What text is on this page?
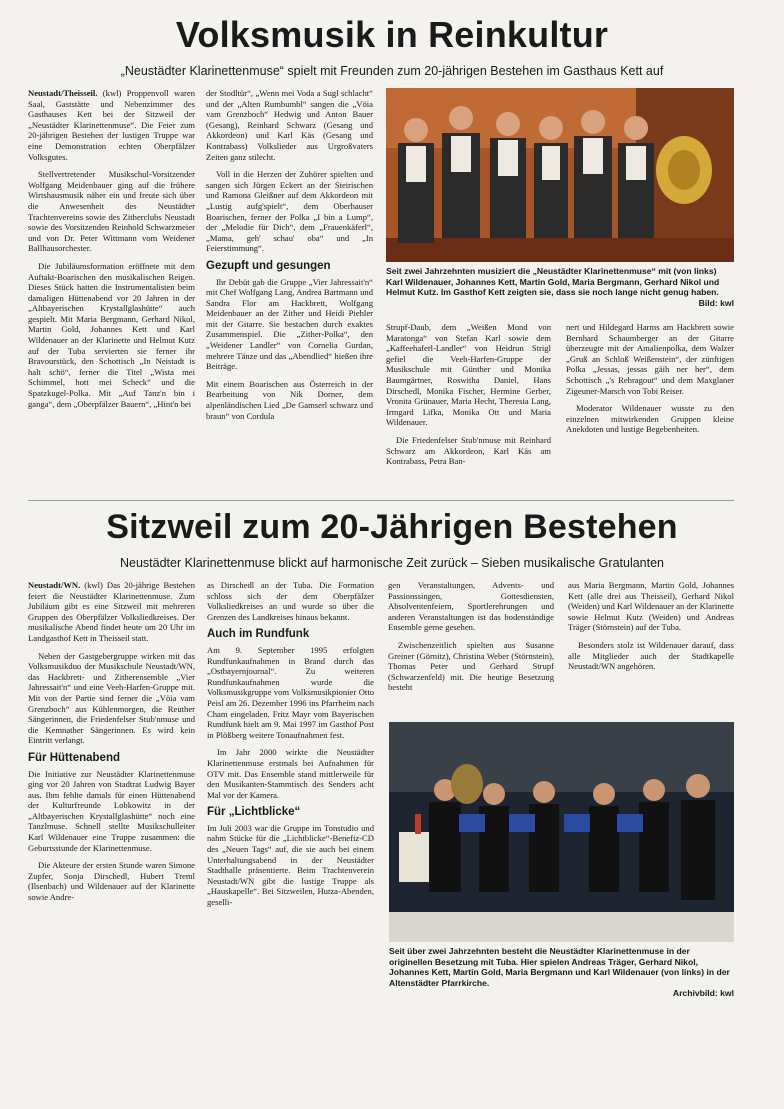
Volksmusik in Reinkultur
„Neustädter Klarinettenmuse“ spielt mit Freunden zum 20-jährigen Bestehen im Gasthaus Kett auf

Neustadt/Theisseil. (kwl) Proppenvoll waren Saal, Gaststätte und Nebenzimmer des Gasthauses Kett bei der Sitzweil der „Neustädter Klarinettenmuse“. Die Feier zum 20-jährigen Bestehen der lustigen Truppe war eine Demonstration echten Oberpfälzer Volksgutes.

Stellvertretender Musikschul-Vorsitzender Wolfgang Meidenbauer ging auf die frühere Wirtshausmusik näher ein und freute sich über die Anwesenheit des Neustädter Trachtenvereins sowie des Zitherclubs Neustadt sowie des Vorsitzenden Reinhold Schwarzmeier und von Dr. Peter Wittmann vom Weidener Ballhausorchester.

Die Jubiläumsformation eröffnete mit dem Auftakt-Boarischen den musikalischen Reigen. Dieses Stück hatten die Instrumentalisten beim damaligen Hüttenabend vor 20 Jahren in der „Altbayerischen Krystallglashütte“ auch gespielt. Mit Maria Bergmann, Gerhard Nikol, Martin Gold, Johannes Kett und Karl Wildenauer an der Klarinette und Helmut Kutz auf der Tuba servierten sie ferner ihr Bravourstück, den Schottisch „In Neistadt is halt schö“, ferner die Titel „Wista mei Schimmel, hott mei Scheck“ und die Spatzkugel-Polka. Mit „Auf Tanz'n bin i ganga“, dem „Oberpfälzer Bauern“, „Hint'n bei

der Stodltür“, „Wenn mei Voda a Sugl schlacht“ und der „Alten Rumbumbl“ sangen die „Vöia vam Grenzboch“ Hedwig und Anton Bauer (Gesang), Reinhard Schwarz (Gesang und Akkordeon) und Karl Käs (Gesang und Kontrabass) Volkslieder aus Urgroßvaters Zeiten ganz stilecht.

Voll in die Herzen der Zuhörer spielten und sangen sich Jürgen Eckert an der Steirischen und Ramona Gleißner auf dem Akkordeon mit „Lustig aufg'spielt“, dem Oberhauser Boarischen, ferner der Polka „I bin a Lump“, der „Melodie für Dich“, dem „Frauenkäferl“, „Mama, geh' schau' oba“ und „In Feierstimmung“.

Gezupft und gesungen

Ihr Debüt gab die Gruppe „Vier Jahressait'n“ mit Chef Wolfgang Lang, Andrea Bartmann und Sandra Flor am Hackbrett, Wolfgang Meidenbauer an der Zither und Heidi Piehler mit der Gitarre. Sie bestachen durch exaktes Zusammenspiel. Die „Zither-Polka“, den „Weidener Landler“ von Cornelia Gurdan, mehrere Tänze und das „Abendlied“ hießen ihre Beiträge.

Mit einem Boarischen aus Österreich in der Bearbeitung von Nik Dorner, dem alpenländischen Lied „De Gamserl schwarz und braun“ von Cordula

Seit zwei Jahrzehnten musiziert die „Neustädter Klarinettenmuse“ mit (von links) Karl Wildenauer, Johannes Kett, Martin Gold, Maria Bergmann, Gerhard Nikol und Helmut Kutz. Im Gasthof Kett zeigten sie, dass sie noch lange nicht genug haben.
Bild: kwl

Strupf-Daub, dem „Weißen Mond von Maratonga“ von Stefan Karl sowie dem „Kaffeehaferl-Landler“ von Heidrun Strigl gefiel die Veeh-Harfen-Gruppe der Musikschule mit Günther und Monika Baumgärtner, Roswitha Daniel, Hans Dirschedl, Monika Fischer, Hermine Gerber, Vronita Grünauer, Maria Hecht, Theresia Lang, Irmgard Lifka, Monika Ott und Maria Wildenauer.

Die Friedenfelser Stub'nmuse mit Reinhard Schwarz am Akkordeon, Karl Käs am Kontrabass, Petra Ban-

nert und Hildegard Harms am Hackbrett sowie Bernhard Schaumberger an der Gitarre überzeugte mit der Amalienpolka, dem Walzer „Gruß an Schloß Weißenstein“, der zünftigen Polka „Jessas, jessas gäih ner her“, dem Schottisch „'s Rehragout“ und dem Maxglaner Zigeuner-Marsch von Tobi Reiser.

Moderator Wildenauer wusste zu den einzelnen mitwirkenden Gruppen kleine Anekdoten und lustige Begebenheiten.

Sitzweil zum 20-Jährigen Bestehen
Neustädter Klarinettenmuse blickt auf harmonische Zeit zurück – Sieben musikalische Gratulanten

Neustadt/WN. (kwl) Das 20-jährige Bestehen feiert die Neustädter Klarinettenmuse. Zum Jubiläum gibt es eine Sitzweil mit mehreren Gruppen des Oberpfälzer Volksliedkreises. Der musikalische Abend findet heute um 20 Uhr im Landgasthof Kett in Theisseil statt.

Neben der Gastgebergruppe wirken mit das Volksmusikduo der Musikschule Neustadt/WN, das Hackbrett- und Zitherensemble „Vier Jahressait'n“ und eine Veeh-Harfen-Gruppe mit. Mit von der Partie sind ferner die „Vöia vam Grenzboch“ aus Kühlenmorgen, die Reuther Sängerinnen, die Friedenfelser Stub'nmuse und die Kemnather Sängerinnen. Es wird kein Eintritt verlangt.

Für Hüttenabend

Die Initiative zur Neustädter Klarinettenmuse ging vor 20 Jahren von Stadtrat Ludwig Bayer aus. Ihm fehlte damals für einen Hüttenabend der Kulturfreunde Lobkowitz in der „Altbayerischen Krystallglashütte“ noch eine Tanzlmuse. Schnell stellte Musikschulleiter Karl Wildenauer eine Truppe zusammen: die Geburtsstunde der Klarinettenmuse.

Die Akteure der ersten Stunde waren Simone Zupfer, Sonja Dirschedl, Hubert Treml (Ilsenbach) und Wildenauer auf der Klarinette sowie Andre-

as Dirschedl an der Tuba. Die Formation schloss sich der dem Oberpfälzer Volksliedkreises an und wurde so über die Grenzen des Landkreises hinaus bekannt.

Auch im Rundfunk

Am 9. September 1995 erfolgten Rundfunkaufnahmen in Brand durch das „Ostbayernjournal“. Zu weiteren Rundfunkaufnahmen wurde die Volksmusikgruppe vom Volksmusikpionier Otto Peisl am 26. Dezember 1996 ins Pfarrheim nach Cham eingeladen. Fritz Mayr vom Bayerischen Rundfunk hielt am 9. Mai 1997 im Gasthof Post in Plößberg weitere Tonaufnahmen fest.

Im Jahr 2000 wirkte die Neustädter Klarinettenmuse erstmals bei Aufnahmen für OTV mit. Das Ensemble stand mittlerweile für den Musikanten-Stammtisch des Senders acht Mal vor der Kamera.

Für „Lichtblicke“

Im Juli 2003 war die Gruppe im Tonstudio und nahm Stücke für die „Lichtblicke“-Benefiz-CD des „Neuen Tags“ auf, die sie auch bei einem Unterhaltungsabend in der Neustädter Stadthalle präsentierte. Beim Trachtenverein Neustadt/WN gibt die lustige Truppe als „Hauskapelle“. Bei Sitzweilen, Hutza-Abenden, geselli-

gen Veranstaltungen, Advents- und Passionssingen, Gottesdiensten, Absolventenfeiern, Sportlerehrungen und anderen Veranstaltungen ist das bodenständige Ensemble gerne gesehen.

Zwischenzeitlich spielten aus Susanne Greiner (Görnitz), Christina Weber (Störnstein), Thomas Peter und Gerhard Strupf (Schwarzenfeld) mit. Die heutige Besetzung besteht

aus Maria Bergmann, Martin Gold, Johannes Kett (alle drei aus Theisseil), Gerhard Nikol (Weiden) und Karl Wildenauer an der Klarinette sowie Helmut Kutz (Weiden) und Andreas Träger (Störnstein) auf der Tuba.

Besonders stolz ist Wildenauer darauf, dass alle Mitglieder auch der Stadtkapelle Neustadt/WN angehören.

Seit über zwei Jahrzehnten besteht die Neustädter Klarinettenmuse in der originellen Besetzung mit Tuba. Hier spielen Andreas Träger, Gerhard Nikol, Johannes Kett, Martin Gold, Maria Bergmann und Karl Wildenauer (von links) in der Altenstädter Pfarrkirche.
Archivbild: kwl
